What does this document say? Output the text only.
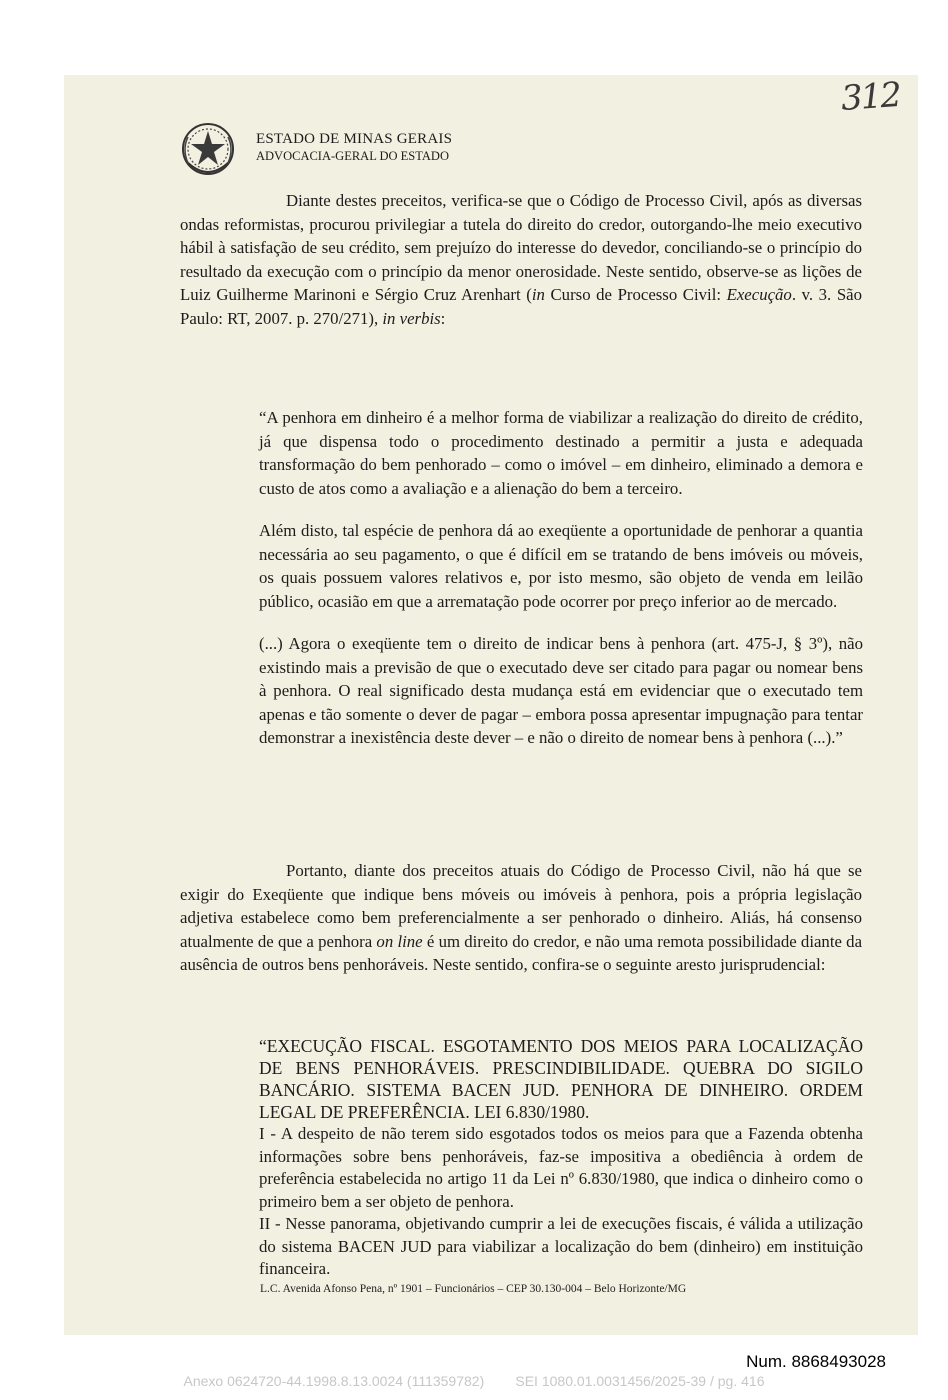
312
ESTADO DE MINAS GERAIS
ADVOCACIA-GERAL DO ESTADO

Diante destes preceitos, verifica-se que o Código de Processo Civil, após as diversas ondas reformistas, procurou privilegiar a tutela do direito do credor, outorgando-lhe meio executivo hábil à satisfação de seu crédito, sem prejuízo do interesse do devedor, conciliando-se o princípio do resultado da execução com o princípio da menor onerosidade. Neste sentido, observe-se as lições de Luiz Guilherme Marinoni e Sérgio Cruz Arenhart (in Curso de Processo Civil: Execução. v. 3. São Paulo: RT, 2007. p. 270/271), in verbis:

“A penhora em dinheiro é a melhor forma de viabilizar a realização do direito de crédito, já que dispensa todo o procedimento destinado a permitir a justa e adequada transformação do bem penhorado – como o imóvel – em dinheiro, eliminado a demora e custo de atos como a avaliação e a alienação do bem a terceiro.

Além disto, tal espécie de penhora dá ao exeqüente a oportunidade de penhorar a quantia necessária ao seu pagamento, o que é difícil em se tratando de bens imóveis ou móveis, os quais possuem valores relativos e, por isto mesmo, são objeto de venda em leilão público, ocasião em que a arrematação pode ocorrer por preço inferior ao de mercado.

(...) Agora o exeqüente tem o direito de indicar bens à penhora (art. 475-J, § 3º), não existindo mais a previsão de que o executado deve ser citado para pagar ou nomear bens à penhora. O real significado desta mudança está em evidenciar que o executado tem apenas e tão somente o dever de pagar – embora possa apresentar impugnação para tentar demonstrar a inexistência deste dever – e não o direito de nomear bens à penhora (...).”

Portanto, diante dos preceitos atuais do Código de Processo Civil, não há que se exigir do Exeqüente que indique bens móveis ou imóveis à penhora, pois a própria legislação adjetiva estabelece como bem preferencialmente a ser penhorado o dinheiro. Aliás, há consenso atualmente de que a penhora on line é um direito do credor, e não uma remota possibilidade diante da ausência de outros bens penhoráveis. Neste sentido, confira-se o seguinte aresto jurisprudencial:

“EXECUÇÃO FISCAL. ESGOTAMENTO DOS MEIOS PARA LOCALIZAÇÃO DE BENS PENHORÁVEIS. PRESCINDIBILIDADE. QUEBRA DO SIGILO BANCÁRIO. SISTEMA BACEN JUD. PENHORA DE DINHEIRO. ORDEM LEGAL DE PREFERÊNCIA. LEI 6.830/1980.

I - A despeito de não terem sido esgotados todos os meios para que a Fazenda obtenha informações sobre bens penhoráveis, faz-se impositiva a obediência à ordem de preferência estabelecida no artigo 11 da Lei nº 6.830/1980, que indica o dinheiro como o primeiro bem a ser objeto de penhora.

II - Nesse panorama, objetivando cumprir a lei de execuções fiscais, é válida a utilização do sistema BACEN JUD para viabilizar a localização do bem (dinheiro) em instituição financeira.

L.C. Avenida Afonso Pena, nº 1901 – Funcionários – CEP 30.130-004 – Belo Horizonte/MG
Num. 8868493028
Anexo 0624720-44.1998.8.13.0024 (111359782) SEI 1080.01.0031456/2025-39 / pg. 416
